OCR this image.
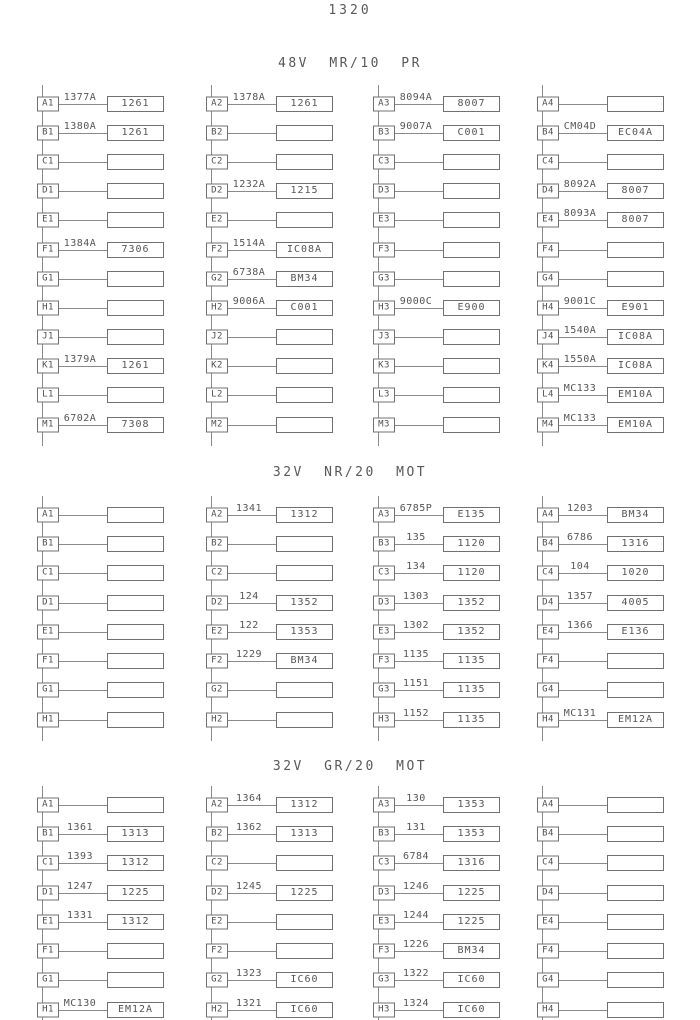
1320
48V MR/10 PR
A1
1377A
1261
B1
1380A
1261
C1
D1
E1
F1
1384A
7306
G1
H1
J1
K1
1379A
1261
L1
M1
6702A
7308
A2
1378A
1261
B2
C2
D2
1232A
1215
E2
F2
1514A
IC08A
G2
6738A
BM34
H2
9006A
C001
J2
K2
L2
M2
A3
8094A
8007
B3
9007A
C001
C3
D3
E3
F3
G3
H3
9000C
E900
J3
K3
L3
M3
A4
B4
CM04D
EC04A
C4
D4
8092A
8007
E4
8093A
8007
F4
G4
H4
9001C
E901
J4
1540A
IC08A
K4
1550A
IC08A
L4
MC133
EM10A
M4
MC133
EM10A
32V NR/20 MOT
A1
B1
C1
D1
E1
F1
G1
H1
A2
1341
1312
B2
C2
D2
124
1352
E2
122
1353
F2
1229
BM34
G2
H2
A3
6785P
E135
B3
135
1120
C3
134
1120
D3
1303
1352
E3
1302
1352
F3
1135
1135
G3
1151
1135
H3
1152
1135
A4
1203
BM34
B4
6786
1316
C4
104
1020
D4
1357
4005
E4
1366
E136
F4
G4
H4
MC131
EM12A
32V GR/20 MOT
A1
B1
1361
1313
C1
1393
1312
D1
1247
1225
E1
1331
1312
F1
G1
H1
MC130
EM12A
A2
1364
1312
B2
1362
1313
C2
D2
1245
1225
E2
F2
G2
1323
IC60
H2
1321
IC60
A3
130
1353
B3
131
1353
C3
6784
1316
D3
1246
1225
E3
1244
1225
F3
1226
BM34
G3
1322
IC60
H3
1324
IC60
A4
B4
C4
D4
E4
F4
G4
H4
